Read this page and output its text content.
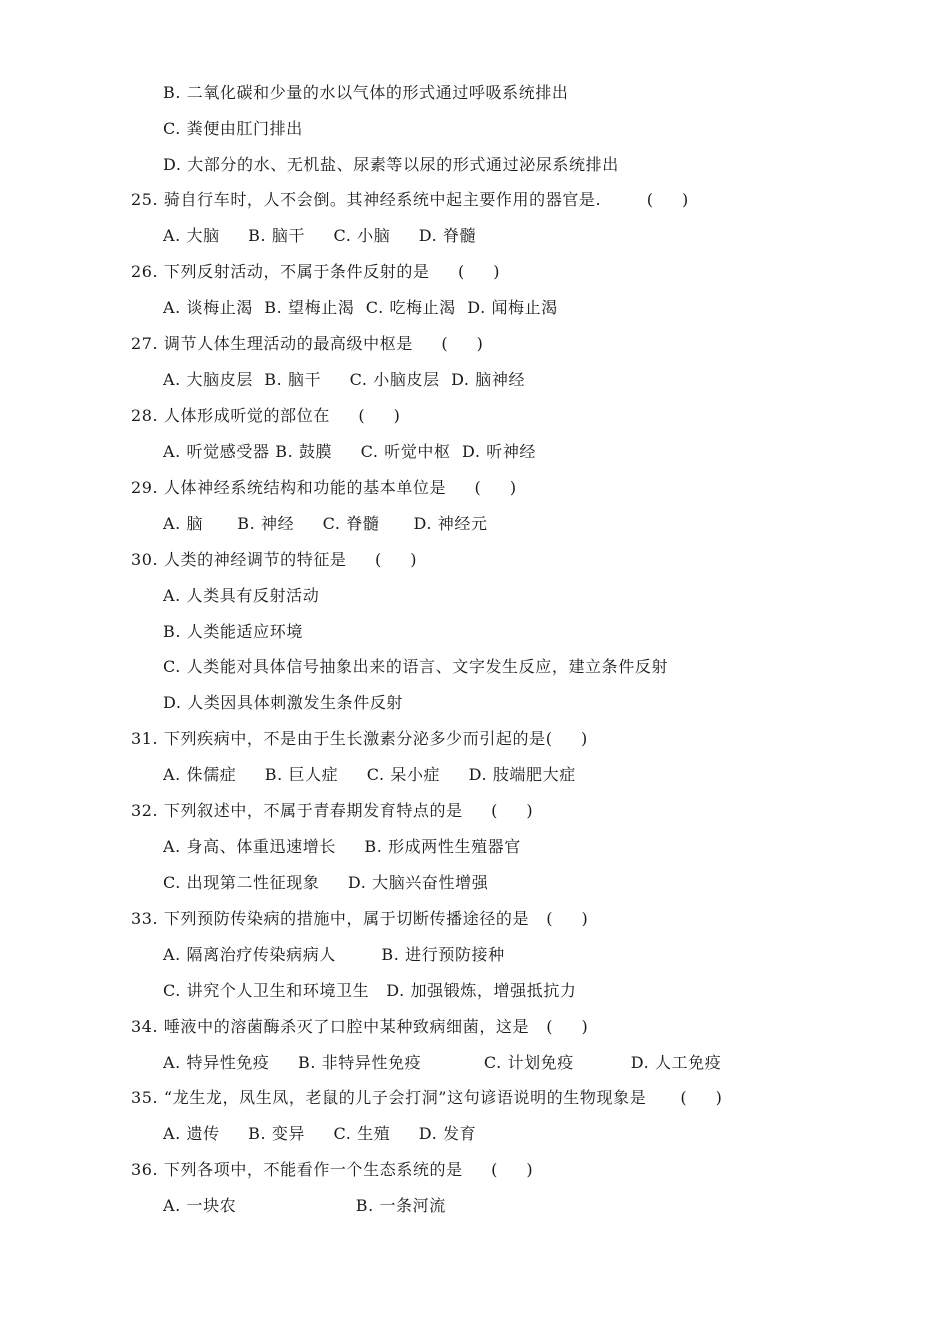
B. 二氧化碳和少量的水以气体的形式通过呼吸系统排出
C. 粪便由肛门排出
D. 大部分的水、无机盐、尿素等以尿的形式通过泌尿系统排出
25. 骑自行车时，人不会倒。其神经系统中起主要作用的器官是.        (     )
A. 大脑     B. 脑干     C. 小脑     D. 脊髓
26. 下列反射活动，不属于条件反射的是     (     )
A. 谈梅止渴  B. 望梅止渴  C. 吃梅止渴  D. 闻梅止渴
27. 调节人体生理活动的最高级中枢是     (     )
A. 大脑皮层  B. 脑干     C. 小脑皮层  D. 脑神经
28. 人体形成听觉的部位在     (     )
A. 听觉感受器 B. 鼓膜     C. 听觉中枢  D. 听神经
29. 人体神经系统结构和功能的基本单位是     (     )
A. 脑      B. 神经     C. 脊髓      D. 神经元
30. 人类的神经调节的特征是     (     )
A. 人类具有反射活动
B. 人类能适应环境
C. 人类能对具体信号抽象出来的语言、文字发生反应，建立条件反射
D. 人类因具体刺激发生条件反射
31. 下列疾病中，不是由于生长激素分泌多少而引起的是(     )
A. 侏儒症     B. 巨人症     C. 呆小症     D. 肢端肥大症
32. 下列叙述中，不属于青春期发育特点的是     (     )
A. 身高、体重迅速增长     B. 形成两性生殖器官
C. 出现第二性征现象     D. 大脑兴奋性增强
33. 下列预防传染病的措施中，属于切断传播途径的是   (     )
A. 隔离治疗传染病病人        B. 进行预防接种
C. 讲究个人卫生和环境卫生   D. 加强锻炼，增强抵抗力
34. 唾液中的溶菌酶杀灭了口腔中某种致病细菌，这是   (     )
A. 特异性免疫     B. 非特异性免疫           C. 计划免疫          D. 人工免疫
35. “龙生龙，凤生凤，老鼠的儿子会打洞”这句谚语说明的生物现象是      (     )
A. 遗传     B. 变异     C. 生殖     D. 发育
36. 下列各项中，不能看作一个生态系统的是     (     )
A. 一块农                     B. 一条河流
